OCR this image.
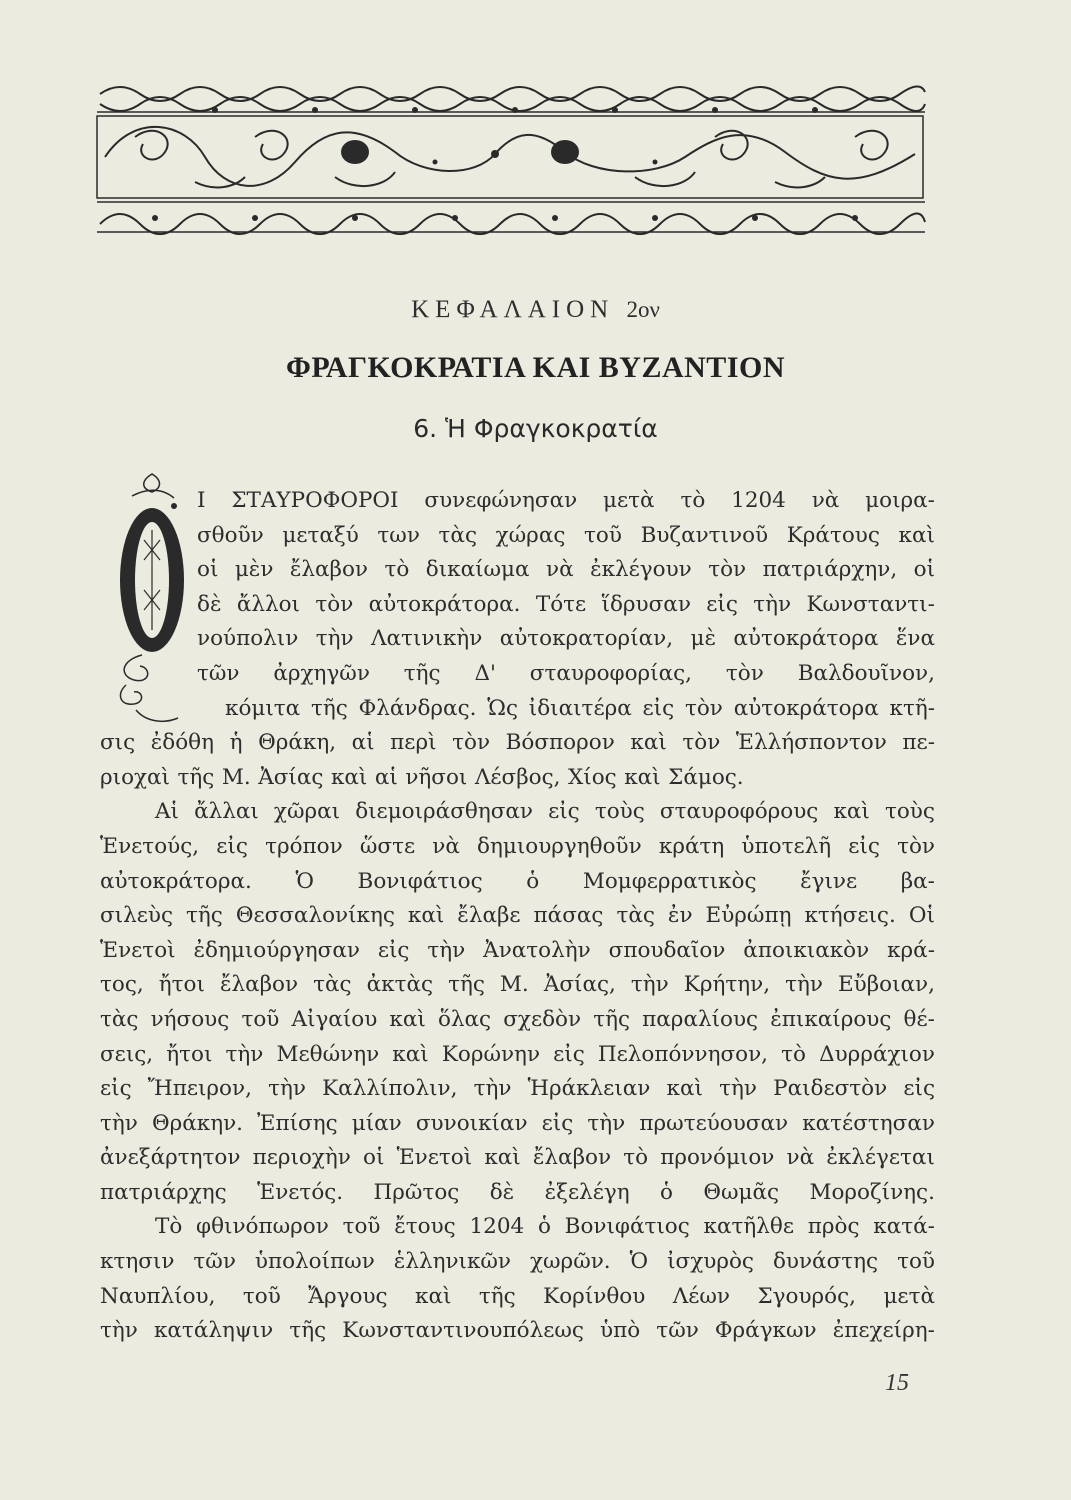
ΚΕΦΑΛΑΙΟΝ 2ον
ΦΡΑΓΚΟΚΡΑΤΙΑ ΚΑΙ ΒΥΖΑΝΤΙΟΝ
6. Ἡ Φραγκοκρατία
Ι ΣΤΑΥΡΟΦΟΡΟΙ συνεφώνησαν μετὰ τὸ 1204 νὰ μοιρα-
σθοῦν μεταξύ των τὰς χώρας τοῦ Βυζαντινοῦ Κράτους καὶ
οἱ μὲν ἔλαβον τὸ δικαίωμα νὰ ἐκλέγουν τὸν πατριάρχην, οἱ
δὲ ἄλλοι τὸν αὐτοκράτορα. Τότε ἵδρυσαν εἰς τὴν Κωνσταντι-
νούπολιν τὴν Λατινικὴν αὐτοκρατορίαν, μὲ αὐτοκράτορα ἕνα
τῶν ἀρχηγῶν τῆς Δ' σταυροφορίας, τὸν Βαλδουῖνον,
κόμιτα τῆς Φλάνδρας. Ὡς ἰδιαιτέρα εἰς τὸν αὐτοκράτορα κτῆ-
σις ἐδόθη ἡ Θράκη, αἱ περὶ τὸν Βόσπορον καὶ τὸν Ἑλλήσποντον πε-
ριοχαὶ τῆς Μ. Ἀσίας καὶ αἱ νῆσοι Λέσβος, Χίος καὶ Σάμος.
Αἱ ἄλλαι χῶραι διεμοιράσθησαν εἰς τοὺς σταυροφόρους καὶ τοὺς
Ἑνετούς, εἰς τρόπον ὥστε νὰ δημιουργηθοῦν κράτη ὑποτελῆ εἰς τὸν
αὐτοκράτορα. Ὁ Βονιφάτιος ὁ Μομφερρατικὸς ἔγινε βα-
σιλεὺς τῆς Θεσσαλονίκης καὶ ἔλαβε πάσας τὰς ἐν Εὐρώπῃ κτήσεις. Οἱ
Ἑνετοὶ ἐδημιούργησαν εἰς τὴν Ἀνατολὴν σπουδαῖον ἀποικιακὸν κρά-
τος, ἤτοι ἔλαβον τὰς ἀκτὰς τῆς Μ. Ἀσίας, τὴν Κρήτην, τὴν Εὔβοιαν,
τὰς νήσους τοῦ Αἰγαίου καὶ ὅλας σχεδὸν τῆς παραλίους ἐπικαίρους θέ-
σεις, ἤτοι τὴν Μεθώνην καὶ Κορώνην εἰς Πελοπόννησον, τὸ Δυρράχιον
εἰς Ἤπειρον, τὴν Καλλίπολιν, τὴν Ἡράκλειαν καὶ τὴν Ραιδεστὸν εἰς
τὴν Θράκην. Ἐπίσης μίαν συνοικίαν εἰς τὴν πρωτεύουσαν κατέστησαν
ἀνεξάρτητον περιοχὴν οἱ Ἑνετοὶ καὶ ἔλαβον τὸ προνόμιον νὰ ἐκλέγεται
πατριάρχης Ἑνετός. Πρῶτος δὲ ἐξελέγη ὁ Θωμᾶς Μοροζίνης.
Τὸ φθινόπωρον τοῦ ἔτους 1204 ὁ Βονιφάτιος κατῆλθε πρὸς κατά-
κτησιν τῶν ὑπολοίπων ἑλληνικῶν χωρῶν. Ὁ ἰσχυρὸς δυνάστης τοῦ
Ναυπλίου, τοῦ Ἄργους καὶ τῆς Κορίνθου Λέων Σγουρός, μετὰ
τὴν κατάληψιν τῆς Κωνσταντινουπόλεως ὑπὸ τῶν Φράγκων ἐπεχείρη-
15
